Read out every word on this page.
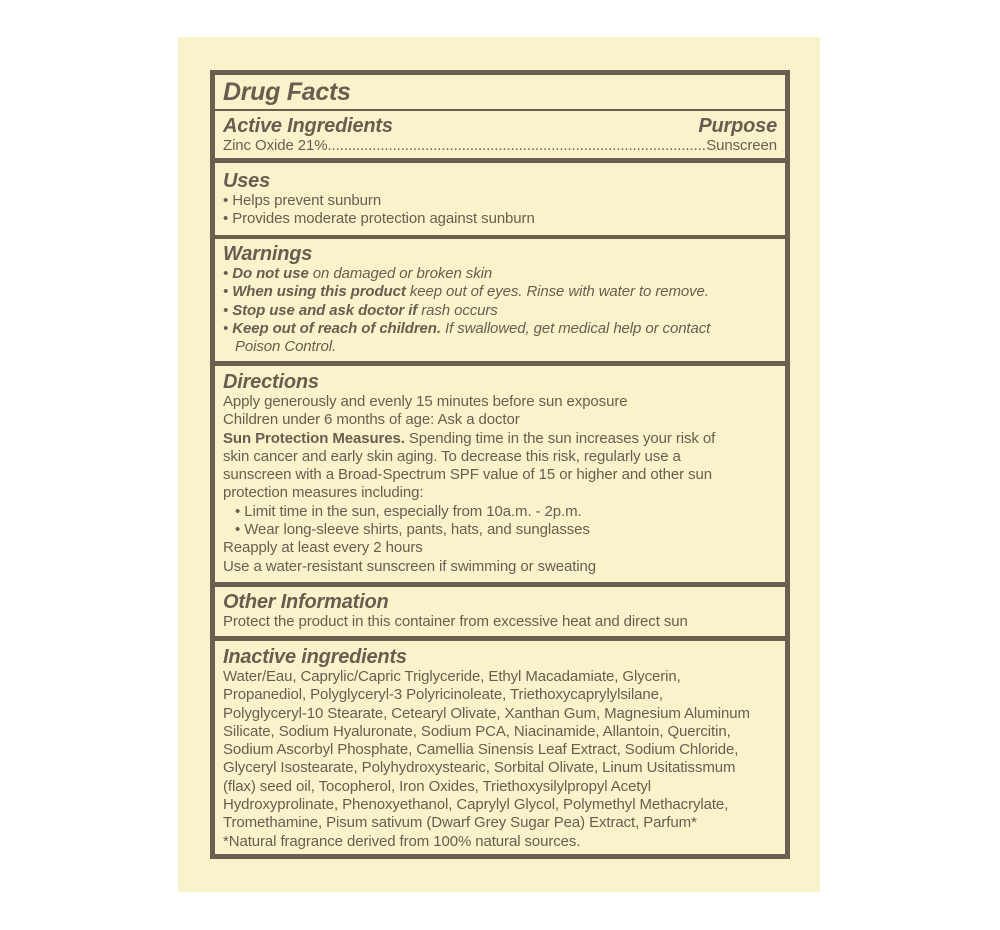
Drug Facts
Active Ingredients	Purpose
Zinc Oxide 21% .....	Sunscreen
Uses
• Helps prevent sunburn
• Provides moderate protection against sunburn
Warnings
• Do not use on damaged or broken skin
• When using this product keep out of eyes. Rinse with water to remove.
• Stop use and ask doctor if rash occurs
• Keep out of reach of children. If swallowed, get medical help or contact
Poison Control.
Directions
Apply generously and evenly 15 minutes before sun exposure
Children under 6 months of age: Ask a doctor
Sun Protection Measures. Spending time in the sun increases your risk of
skin cancer and early skin aging. To decrease this risk, regularly use a
sunscreen with a Broad-Spectrum SPF value of 15 or higher and other sun
protection measures including:
• Limit time in the sun, especially from 10a.m. - 2p.m.
• Wear long-sleeve shirts, pants, hats, and sunglasses
Reapply at least every 2 hours
Use a water-resistant sunscreen if swimming or sweating
Other Information
Protect the product in this container from excessive heat and direct sun
Inactive ingredients
Water/Eau, Caprylic/Capric Triglyceride, Ethyl Macadamiate, Glycerin,
Propanediol, Polyglyceryl-3 Polyricinoleate, Triethoxycaprylylsilane,
Polyglyceryl-10 Stearate, Cetearyl Olivate, Xanthan Gum, Magnesium Aluminum
Silicate, Sodium Hyaluronate, Sodium PCA, Niacinamide, Allantoin, Quercitin,
Sodium Ascorbyl Phosphate, Camellia Sinensis Leaf Extract, Sodium Chloride,
Glyceryl Isostearate, Polyhydroxystearic, Sorbital Olivate, Linum Usitatissmum
(flax) seed oil, Tocopherol, Iron Oxides, Triethoxysilylpropyl Acetyl
Hydroxyprolinate, Phenoxyethanol, Caprylyl Glycol, Polymethyl Methacrylate,
Tromethamine, Pisum sativum (Dwarf Grey Sugar Pea) Extract, Parfum*
*Natural fragrance derived from 100% natural sources.
